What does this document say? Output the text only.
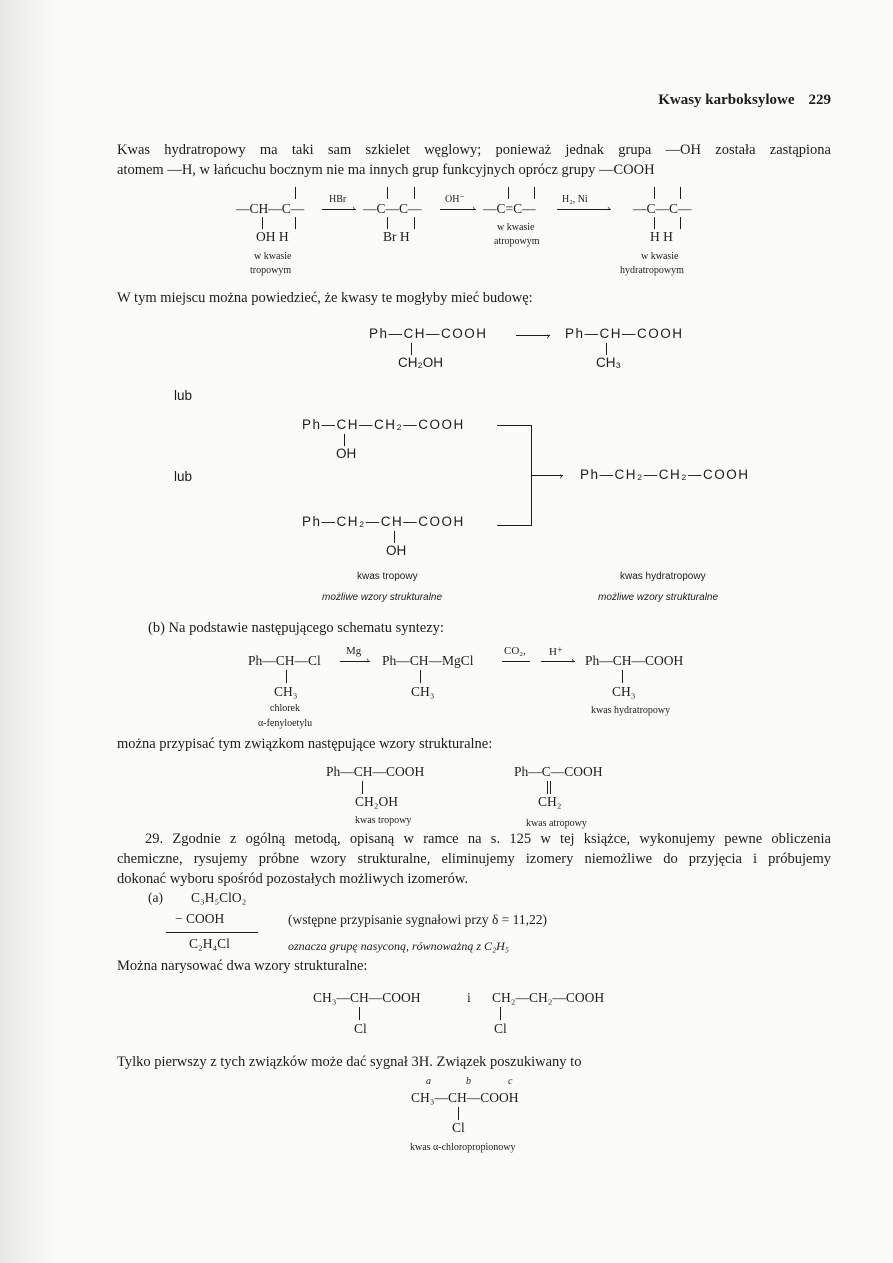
Kwasy karboksylowe 229
Kwas hydratropowy ma taki sam szkielet węglowy; ponieważ jednak grupa —OH została zastąpiona
atomem —H, w łańcuchu bocznym nie ma innych grup funkcyjnych oprócz grupy —COOH
—CH—C—
OH H
HBr
› —C—C—
Br H
OH⁻
› —C=C—
H₂, Ni
› —C—C—
H H
w kwasie
tropowym
w kwasie
atropowym
w kwasie
hydratropowym
W tym miejscu można powiedzieć, że kwasy te mogłyby mieć budowę:
Ph—CH—COOH
CH₂OH
› Ph—CH—COOH
CH₃
lub
Ph—CH—CH₂—COOH
OH
lub	› Ph—CH₂—CH₂—COOH
Ph—CH₂—CH—COOH
OH
kwas tropowy
możliwe wzory strukturalne
kwas hydratropowy
możliwe wzory strukturalne
(b) Na podstawie następującego schematu syntezy:
Ph—CH—Cl
CH₃
Mg
› Ph—CH—MgCl
CH₃
CO₂, H⁺
› Ph—CH—COOH
CH₃
chlorek
α-fenyloetylu
kwas hydratropowy
można przypisać tym związkom następujące wzory strukturalne:
Ph—CH—COOH
CH₂OH
kwas tropowy
Ph—C—COOH
CH₂
kwas atropowy
29. Zgodnie z ogólną metodą, opisaną w ramce na s. 125 w tej książce, wykonujemy pewne obliczenia
chemiczne, rysujemy próbne wzory strukturalne, eliminujemy izomery niemożliwe do przyjęcia i próbujemy
dokonać wyboru spośród pozostałych możliwych izomerów.
(a) C₃H₅ClO₂
− COOH	(wstępne przypisanie sygnałowi przy δ = 11,22)
C₂H₄Cl	oznacza grupę nasyconą, równoważną z C₂H₅
Można narysować dwa wzory strukturalne:
CH₃—CH—COOH
Cl
i CH₂—CH₂—COOH
Cl
Tylko pierwszy z tych związków może dać sygnał 3H. Związek poszukiwany to
a	b	c
CH₃—CH—COOH
Cl
kwas α-chloropropionowy
